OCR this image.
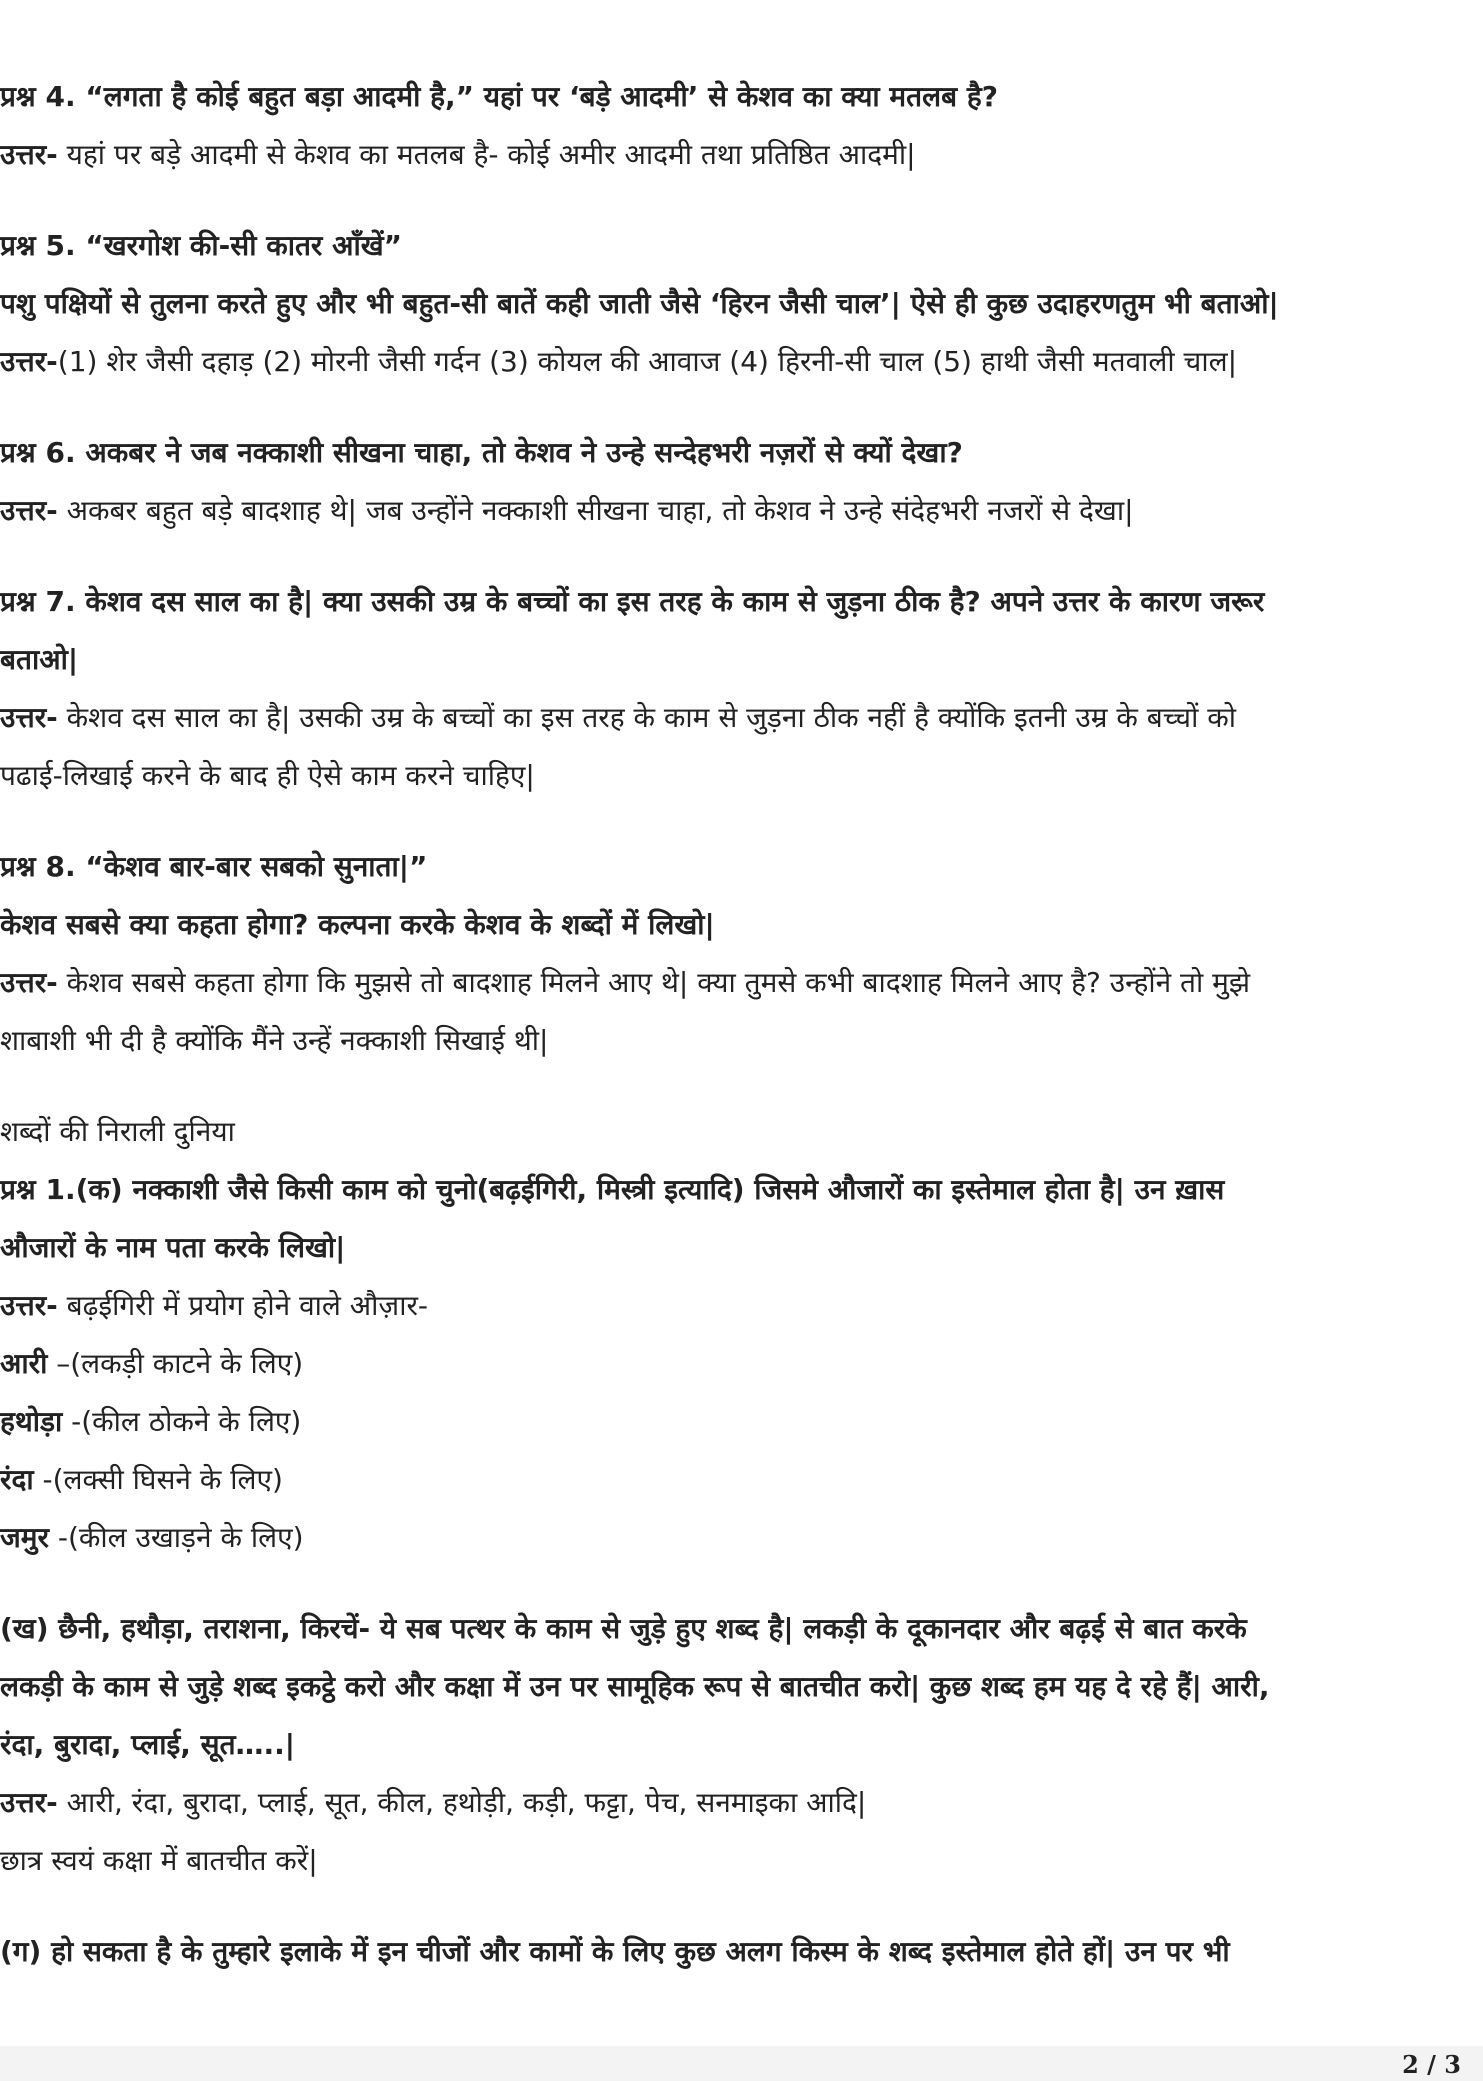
प्रश्न 4. “लगता है कोई बहुत बड़ा आदमी है,” यहां पर ‘बड़े आदमी’ से केशव का क्या मतलब है?
उत्तर- यहां पर बड़े आदमी से केशव का मतलब है- कोई अमीर आदमी तथा प्रतिष्ठित आदमी|
प्रश्न 5. “खरगोश की-सी कातर आँखें”
पशु पक्षियों से तुलना करते हुए और भी बहुत-सी बातें कही जाती जैसे ‘हिरन जैसी चाल’| ऐसे ही कुछ उदाहरणतुम भी बताओ|
उत्तर-(1) शेर जैसी दहाड़ (2) मोरनी जैसी गर्दन (3) कोयल की आवाज (4) हिरनी-सी चाल (5) हाथी जैसी मतवाली चाल|
प्रश्न 6. अकबर ने जब नक्काशी सीखना चाहा, तो केशव ने उन्हे सन्देहभरी नज़रों से क्यों देखा?
उत्तर- अकबर बहुत बड़े बादशाह थे| जब उन्होंने नक्काशी सीखना चाहा, तो केशव ने उन्हे संदेहभरी नजरों से देखा|
प्रश्न 7. केशव दस साल का है| क्या उसकी उम्र के बच्चों का इस तरह के काम से जुड़ना ठीक है? अपने उत्तर के कारण जरूर
बताओ|
उत्तर- केशव दस साल का है| उसकी उम्र के बच्चों का इस तरह के काम से जुड़ना ठीक नहीं है क्योंकि इतनी उम्र के बच्चों को
पढाई-लिखाई करने के बाद ही ऐसे काम करने चाहिए|
प्रश्न 8. “केशव बार-बार सबको सुनाता|”
केशव सबसे क्या कहता होगा? कल्पना करके केशव के शब्दों में लिखो|
उत्तर- केशव सबसे कहता होगा कि मुझसे तो बादशाह मिलने आए थे| क्या तुमसे कभी बादशाह मिलने आए है? उन्होंने तो मुझे
शाबाशी भी दी है क्योंकि मैंने उन्हें नक्काशी सिखाई थी|
शब्दों की निराली दुनिया
प्रश्न 1.(क) नक्काशी जैसे किसी काम को चुनो(बढ़ईगिरी, मिस्त्री इत्यादि) जिसमे औजारों का इस्तेमाल होता है| उन ख़ास
औजारों के नाम पता करके लिखो|
उत्तर- बढ़ईगिरी में प्रयोग होने वाले औज़ार-
आरी –(लकड़ी काटने के लिए)
हथोड़ा -(कील ठोकने के लिए)
रंदा -(लक्सी घिसने के लिए)
जमुर -(कील उखाड़ने के लिए)
(ख) छैनी, हथौड़ा, तराशना, किरचें- ये सब पत्थर के काम से जुड़े हुए शब्द है| लकड़ी के दूकानदार और बढ़ई से बात करके
लकड़ी के काम से जुड़े शब्द इकट्ठे करो और कक्षा में उन पर सामूहिक रूप से बातचीत करो| कुछ शब्द हम यह दे रहे हैं| आरी,
रंदा, बुरादा, प्लाई, सूत…..|
उत्तर- आरी, रंदा, बुरादा, प्लाई, सूत, कील, हथोड़ी, कड़ी, फट्टा, पेच, सनमाइका आदि|
छात्र स्वयं कक्षा में बातचीत करें|
(ग) हो सकता है के तुम्हारे इलाके में इन चीजों और कामों के लिए कुछ अलग किस्म के शब्द इस्तेमाल होते हों| उन पर भी
2 / 3
